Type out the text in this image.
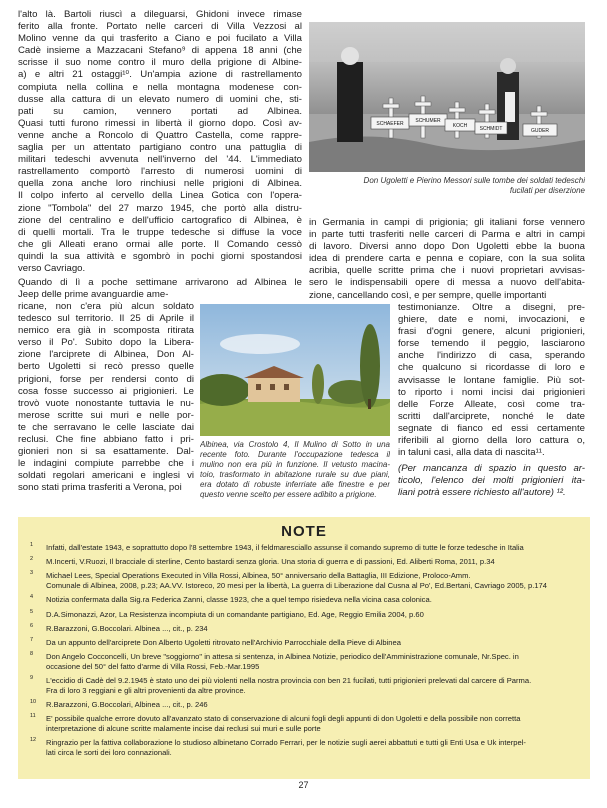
l'alto là. Bartoli riuscì a dileguarsi, Ghidoni invece rimase
ferito alla fronte. Portato nelle carceri di Villa Vezzosi al
Molino venne da qui trasferito a Ciano e poi fucilato a Villa
Cadè insieme a Mazzacani Stefano⁹ di appena 18 anni (che
scrisse il suo nome contro il muro della prigione di Albine-
a) e altri 21 ostaggi¹⁰. Un'ampia azione di rastrellamento
compiuta nella collina e nella montagna modenese con-
dusse alla cattura di un elevato numero di uomini che, sti-
pati su camion, vennero portati ad Albinea.
Quasi tutti furono rimessi in libertà il giorno dopo. Così av-
venne anche a Roncolo di Quattro Castella, come rappre-
saglia per un attentato partigiano contro una pattuglia di
militari tedeschi avvenuta nell'inverno del '44. L'immediato
rastrellamento comportò l'arresto di numerosi uomini di
quella zona anche loro rinchiusi nelle prigioni di Albinea.
Il colpo inferto al cervello della Linea Gotica con l'opera-
zione "Tombola" del 27 marzo 1945, che portò alla distru-
zione del centralino e dell'ufficio cartografico di Albinea, è
di quelli mortali. Tra le truppe tedesche si diffuse la voce
che gli Alleati erano ormai alle porte. Il Comando cessò
quindi la sua attività e sgombrò in pochi giorni spostandosi
verso Cavriago.
Quando di lì a poche settimane arrivarono ad Albinea le
Jeep delle prime avanguardie ame-
ricane, non c'era più alcun soldato
tedesco sul territorio. Il 25 di Aprile il
nemico era già in scomposta ritirata
verso il Po'. Subito dopo la Libera-
zione l'arciprete di Albinea, Don Al-
berto Ugoletti si recò presso quelle
prigioni, forse per rendersi conto di
cosa fosse successo ai prigionieri. Le
trovò vuote nonostante tuttavia le nu-
merose scritte sui muri e nelle por-
te che serravano le celle lasciate dai
reclusi. Che fine abbiano fatto i pri-
gionieri non si sa esattamente. Dal-
le indagini compiute parrebbe che i
soldati regolari americani e inglesi vi
sono stati prima trasferiti a Verona, poi
SCHAEFER SCHUMER
KOCH SCHMIDT	GUDER
Don Ugoletti e Pierino Messori sulle tombe dei soldati tedeschi
fucilati per diserzione
in Germania in campi di prigionia; gli italiani forse vennero
in parte tutti trasferiti nelle carceri di Parma e altri in campi
di lavoro. Diversi anno dopo Don Ugoletti ebbe la buona
idea di prendere carta e penna e copiare, con la sua solita
acribia, quelle scritte prima che i nuovi proprietari avvisas-
sero le indispensabili opere di messa a nuovo dell'abita-
zione, cancellando così, e per sempre, quelle importanti
testimonianze. Oltre a disegni, pre-
ghiere, date e nomi, invocazioni, e
frasi d'ogni genere, alcuni prigionieri,
forse temendo il peggio, lasciarono
anche l'indirizzo di casa, sperando
che qualcuno si ricordasse di loro e
avvisasse le lontane famiglie. Più sot-
to riporto i nomi incisi dai prigionieri
delle Forze Alleate, così come tra-
scritti dall'arciprete, nonché le date
segnate di fianco ed essi certamente
riferibili al giorno della loro cattura o,
in taluni casi, alla data di nascita¹¹.
(Per mancanza di spazio in questo ar-
ticolo, l'elenco dei molti prigionieri ita-
liani potrà essere richiesto all'autore) ¹².
Albinea, via Crostolo 4, Il Mulino di Sotto in una
recente foto. Durante l'occupazione tedesca il
mulino non era più in funzione. Il vetusto macina-
toio, trasformato in abitazione rurale su due piani,
era dotato di robuste inferriate alle finestre e per
questo venne scelto per essere adibito a prigione.
NOTE
1 Infatti, dall'estate 1943, e soprattutto dopo l'8 settembre 1943, il feldmaresciallo assunse il comando supremo di tutte le forze tedesche in Italia
2 M.Incerti, V.Ruozi, Il bracciale di sterline, Cento bastardi senza gloria. Una storia di guerra e di passioni, Ed. Aliberti Roma, 2011, p.34
3 Michael Lees, Special Operations Executed in Villa Rossi, Albinea, 50° anniversario della Battaglia, III Edizione, Proloco-Amm.
Comunale di Albinea, 2008, p.23; AA.VV. Istoreco, 20 mesi per la libertà, La guerra di Liberazione dal Cusna al Po', Ed.Bertani, Cavriago 2005, p.174
4 Notizia confermata dalla Sig.ra Federica Zanni, classe 1923, che a quel tempo risiedeva nella vicina casa colonica.
5 D.A.Simonazzi, Azor, La Resistenza incompiuta di un comandante partigiano, Ed. Age, Reggio Emilia 2004, p.60
6 R.Barazzoni, G.Boccolari. Albinea ..., cit., p. 234
7 Da un appunto dell'arciprete Don Alberto Ugoletti ritrovato nell'Archivio Parrocchiale della Pieve di Albinea
8 Don Angelo Cocconcelli, Un breve "soggiorno" in attesa si sentenza, in Albinea Notizie, periodico dell'Amministrazione comunale, Nr.Spec. in
occasione del 50° del fatto d'arme di Villa Rossi, Feb.-Mar.1995
9 L'eccidio di Cadè del 9.2.1945 è stato uno dei più violenti nella nostra provincia con ben 21 fucilati, tutti prigionieri prelevati dal carcere di Parma.
Fra di loro 3 reggiani e gli altri provenienti da altre province.
10 R.Barazzoni, G.Boccolari, Albinea ..., cit., p. 246
11 E' possibile qualche errore dovuto all'avanzato stato di conservazione di alcuni fogli degli appunti di don Ugoletti e della possibile non corretta
interpretazione di alcune scritte malamente incise dai reclusi sui muri e sulle porte
12 Ringrazio per la fattiva collaborazione lo studioso albinetano Corrado Ferrari, per le notizie sugli aerei abbattuti e tutti gli Enti Usa e Uk interpel-
lati circa le sorti dei loro connazionali.
27
